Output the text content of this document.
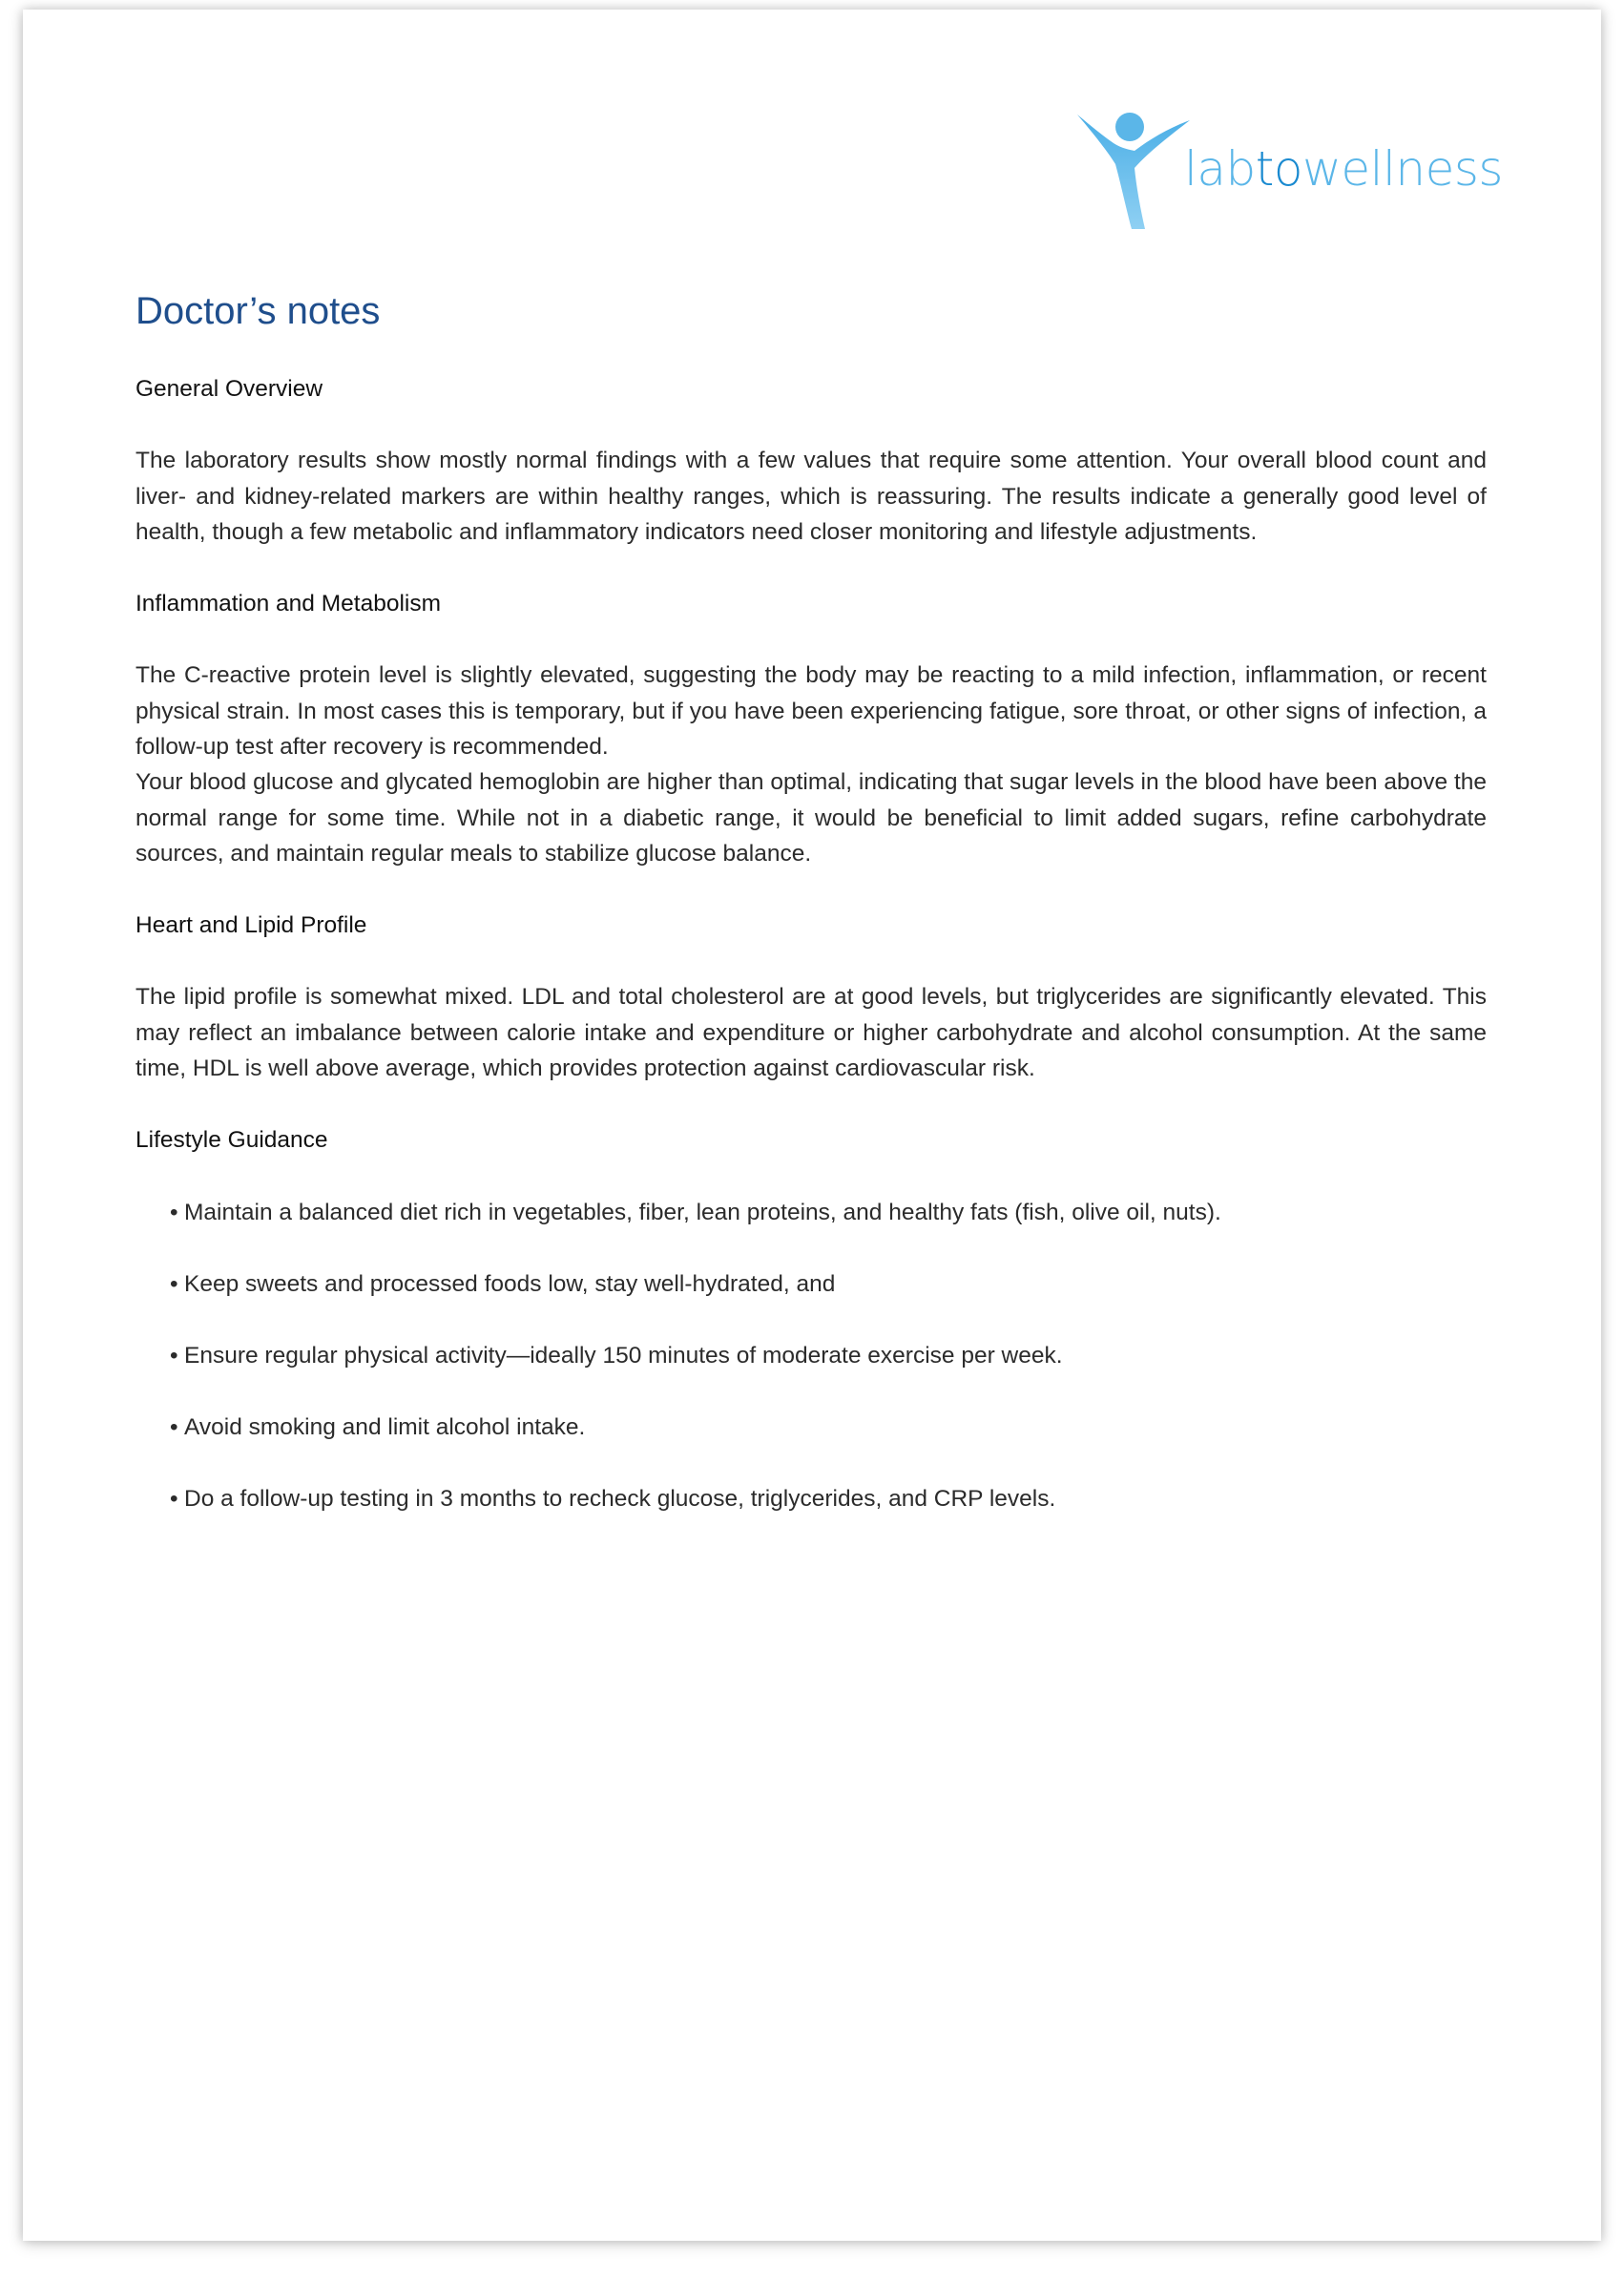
labtowellness
Doctor’s notes
General Overview

The laboratory results show mostly normal findings with a few values that require some attention. Your overall blood count and liver- and kidney-related markers are within healthy ranges, which is reassuring. The results indicate a generally good level of health, though a few metabolic and inflammatory indicators need closer monitoring and lifestyle adjustments.

Inflammation and Metabolism

The C-reactive protein level is slightly elevated, suggesting the body may be reacting to a mild infection, inflammation, or recent physical strain. In most cases this is temporary, but if you have been experiencing fatigue, sore throat, or other signs of infection, a follow-up test after recovery is recommended.

Your blood glucose and glycated hemoglobin are higher than optimal, indicating that sugar levels in the blood have been above the normal range for some time. While not in a diabetic range, it would be beneficial to limit added sugars, refine carbohydrate sources, and maintain regular meals to stabilize glucose balance.

Heart and Lipid Profile

The lipid profile is somewhat mixed. LDL and total cholesterol are at good levels, but triglycerides are significantly elevated. This may reflect an imbalance between calorie intake and expenditure or higher carbohydrate and alcohol consumption. At the same time, HDL is well above average, which provides protection against cardiovascular risk.

Lifestyle Guidance
• Maintain a balanced diet rich in vegetables, fiber, lean proteins, and healthy fats (fish, olive oil, nuts).
• Keep sweets and processed foods low, stay well-hydrated, and
• Ensure regular physical activity—ideally 150 minutes of moderate exercise per week.
• Avoid smoking and limit alcohol intake.
• Do a follow-up testing in 3 months to recheck glucose, triglycerides, and CRP levels.
